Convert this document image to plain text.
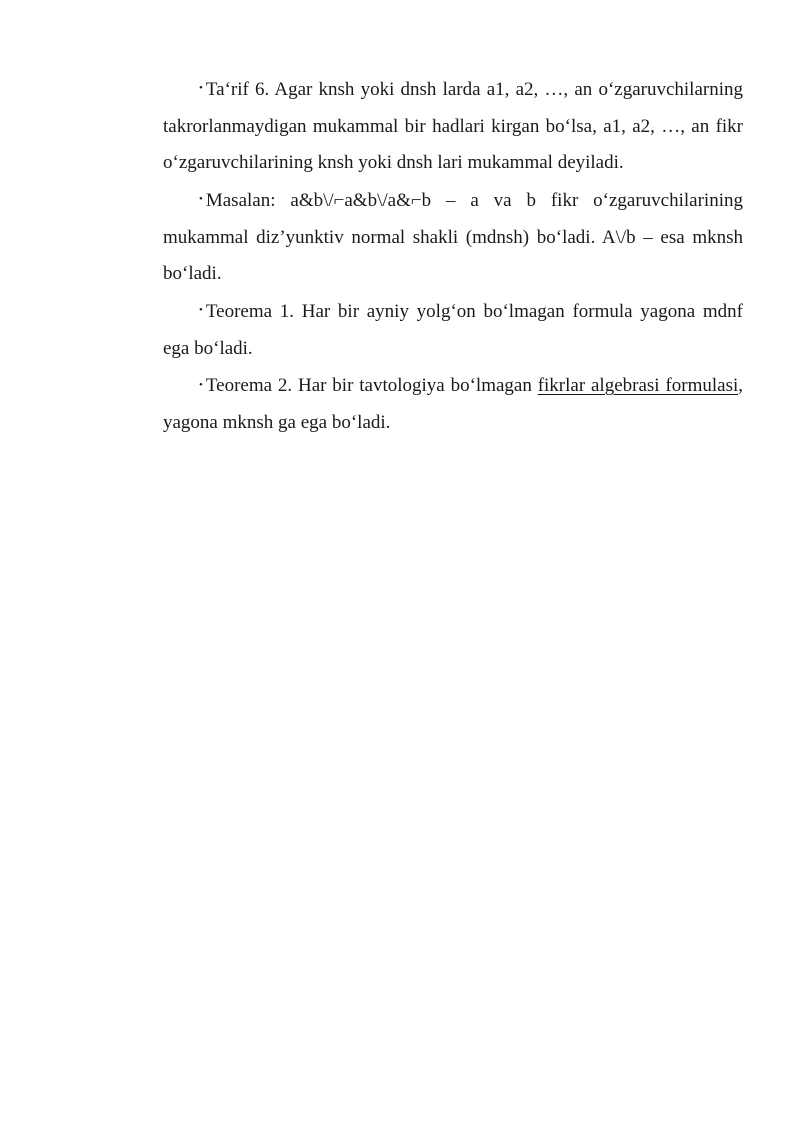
• Ta‘rif 6. Agar knsh yoki dnsh larda a1, a2, …, an o‘zgaruvchilarning takrorlanmaydigan mukammal bir hadlari kirgan bo‘lsa, a1, a2, …, an fikr o‘zgaruvchilarining knsh yoki dnsh lari mukammal deyiladi.

• Masalan: a&b\/⌐a&b\/a&⌐b – a va b fikr o‘zgaruvchilarining mukammal diz’yunktiv normal shakli (mdnsh) bo‘ladi. A\/b – esa mknsh bo‘ladi.

• Teorema 1. Har bir ayniy yolg‘on bo‘lmagan formula yagona mdnf ega bo‘ladi.

• Teorema 2. Har bir tavtologiya bo‘lmagan fikrlar algebrasi formulasi, yagona mknsh ga ega bo‘ladi.
